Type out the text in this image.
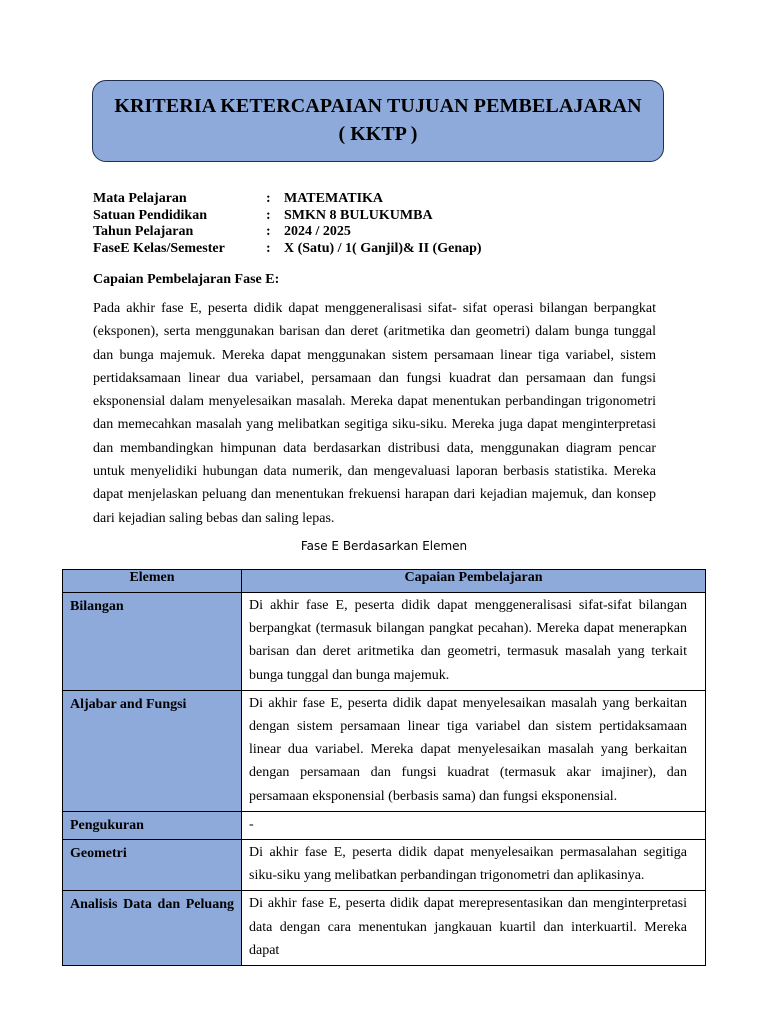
KRITERIA KETERCAPAIAN TUJUAN PEMBELAJARAN
( KKTP )
Mata Pelajaran	: MATEMATIKA
Satuan Pendidikan	: SMKN 8 BULUKUMBA
Tahun Pelajaran	: 2024 / 2025
FaseE Kelas/Semester	: X (Satu) / 1( Ganjil)& II (Genap)
Capaian Pembelajaran Fase E:

Pada akhir fase E, peserta didik dapat menggeneralisasi sifat- sifat operasi bilangan berpangkat (eksponen), serta menggunakan barisan dan deret (aritmetika dan geometri) dalam bunga tunggal dan bunga majemuk. Mereka dapat menggunakan sistem persamaan linear tiga variabel, sistem pertidaksamaan linear dua variabel, persamaan dan fungsi kuadrat dan persamaan dan fungsi eksponensial dalam menyelesaikan masalah. Mereka dapat menentukan perbandingan trigonometri dan memecahkan masalah yang melibatkan segitiga siku-siku. Mereka juga dapat menginterpretasi dan membandingkan himpunan data berdasarkan distribusi data, menggunakan diagram pencar untuk menyelidiki hubungan data numerik, dan mengevaluasi laporan berbasis statistika. Mereka dapat menjelaskan peluang dan menentukan frekuensi harapan dari kejadian majemuk, dan konsep dari kejadian saling bebas dan saling lepas.

Fase E Berdasarkan Elemen
Elemen	Capaian Pembelajaran
Bilangan	Di akhir fase E, peserta didik dapat menggeneralisasi sifat-sifat bilangan berpangkat (termasuk bilangan pangkat pecahan). Mereka dapat menerapkan barisan dan deret aritmetika dan geometri, termasuk masalah yang terkait bunga tunggal dan bunga majemuk.
Aljabar and Fungsi	Di akhir fase E, peserta didik dapat menyelesaikan masalah yang berkaitan dengan sistem persamaan linear tiga variabel dan sistem pertidaksamaan linear dua variabel. Mereka dapat menyelesaikan masalah yang berkaitan dengan persamaan dan fungsi kuadrat (termasuk akar imajiner), dan persamaan eksponensial (berbasis sama) dan fungsi eksponensial.
Pengukuran	-
Geometri	Di akhir fase E, peserta didik dapat menyelesaikan permasalahan segitiga siku-siku yang melibatkan perbandingan trigonometri dan aplikasinya.
Analisis Data dan Peluang	Di akhir fase E, peserta didik dapat merepresentasikan dan menginterpretasi data dengan cara menentukan jangkauan kuartil dan interkuartil. Mereka dapat
